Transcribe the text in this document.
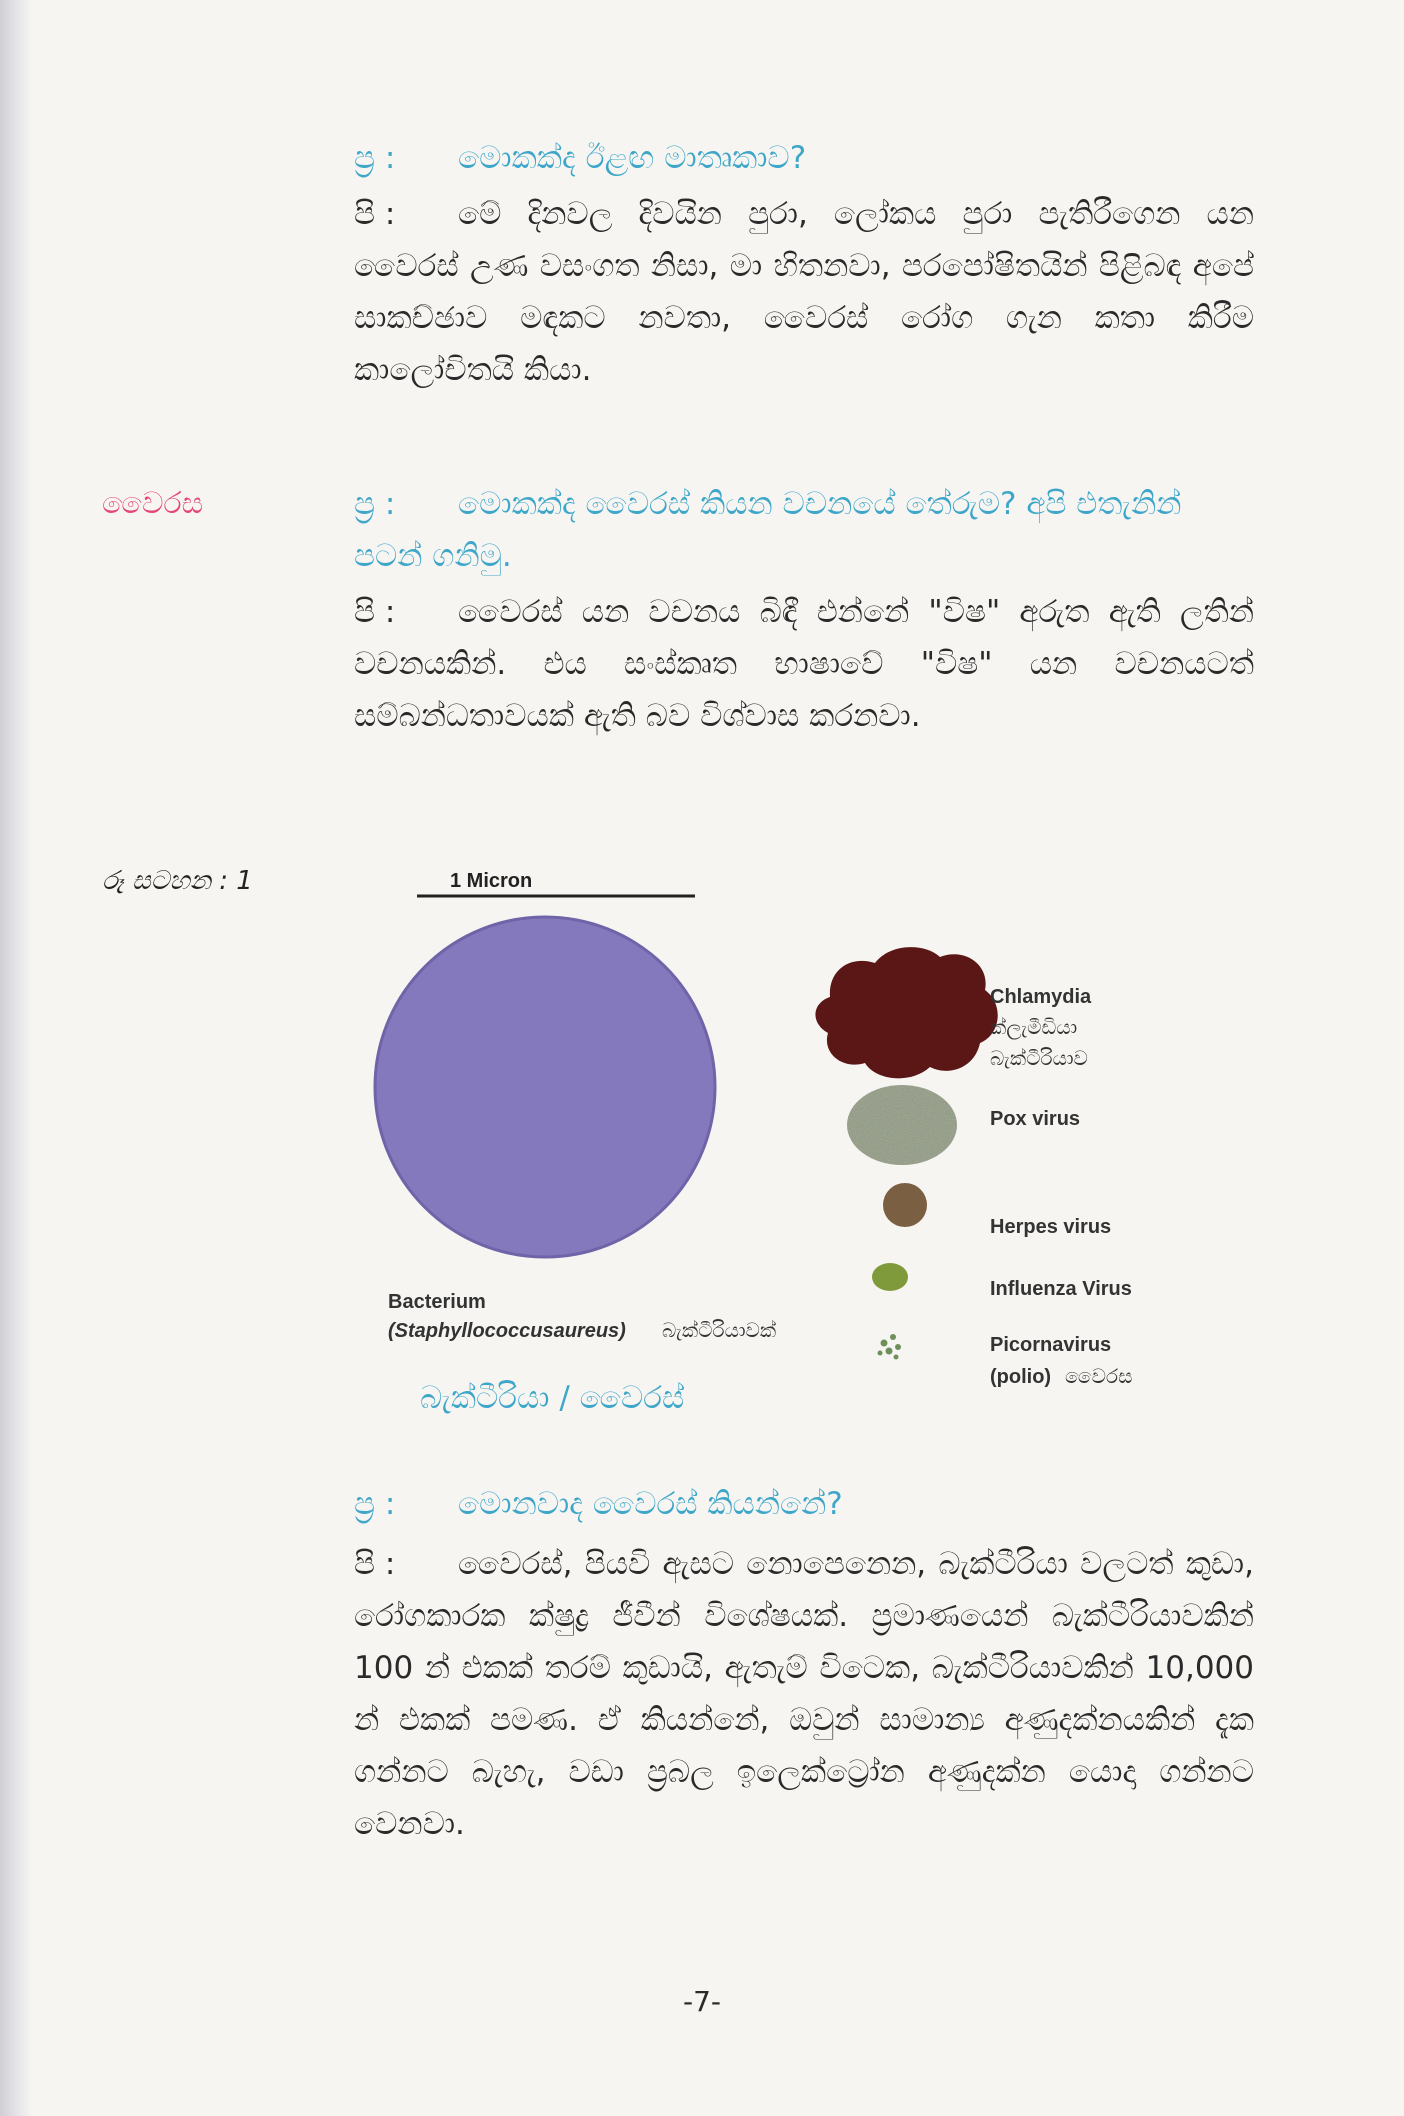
ප්‍ර : මොකක්ද ඊළඟ මාතෘකාව?
පි : මේ දිනවල දිවයින පුරා, ලෝකය පුරා පැතිරීගෙන යන වෛරස් උණ වසංගත නිසා, මා හිතනවා, පරපෝෂිතයින් පිළිබඳ අපේ සාකච්ඡාව මඳකට නවතා, වෛරස් රෝග ගැන කතා කිරීම කාලෝචිතයි කියා.
වෛරස	ප්‍ර : මොකක්ද වෛරස් කියන වචනයේ තේරුම? අපි එතැනින් පටන් ගනිමු.
පි : වෛරස් යන වචනය බිඳී එන්නේ "විෂ" අරුත ඇති ලතින් වචනයකින්. එය සංස්කෘත භාෂාවේ "විෂ" යන වචනයටත් සම්බන්ධතාවයක් ඇති බව විශ්වාස කරනවා.
රූ සටහන : 1	1 Micron
Chlamydia ක්ලැමීඩියා බැක්ටීරියාව
Pox virus
Herpes virus
Influenza Virus
Picornavirus (polio) වෛරස
Bacterium (Staphyllococcusaureus) බැක්ටීරියාවක්
බැක්ටීරියා / වෛරස්
ප්‍ර : මොනවාද වෛරස් කියන්නේ?
පි : වෛරස්, පියවි ඇසට නොපෙනෙන, බැක්ටීරියා වලටත් කුඩා, රෝගකාරක ක්ෂුද්‍ර ජීවීන් විශේෂයක්. ප්‍රමාණයෙන් බැක්ටීරියාවකින් 100 න් එකක් තරම් කුඩායි, ඇතැම් විටෙක, බැක්ටීරියාවකින් 10,000 න් එකක් පමණ. ඒ කියන්නේ, ඔවුන් සාමාන්‍ය අණුදක්නයකින් දැක ගන්නට බැහැ, වඩා ප්‍රබල ඉලෙක්ට්‍රෝන අණුදක්න යොදා ගන්නට වෙනවා.
-7-
